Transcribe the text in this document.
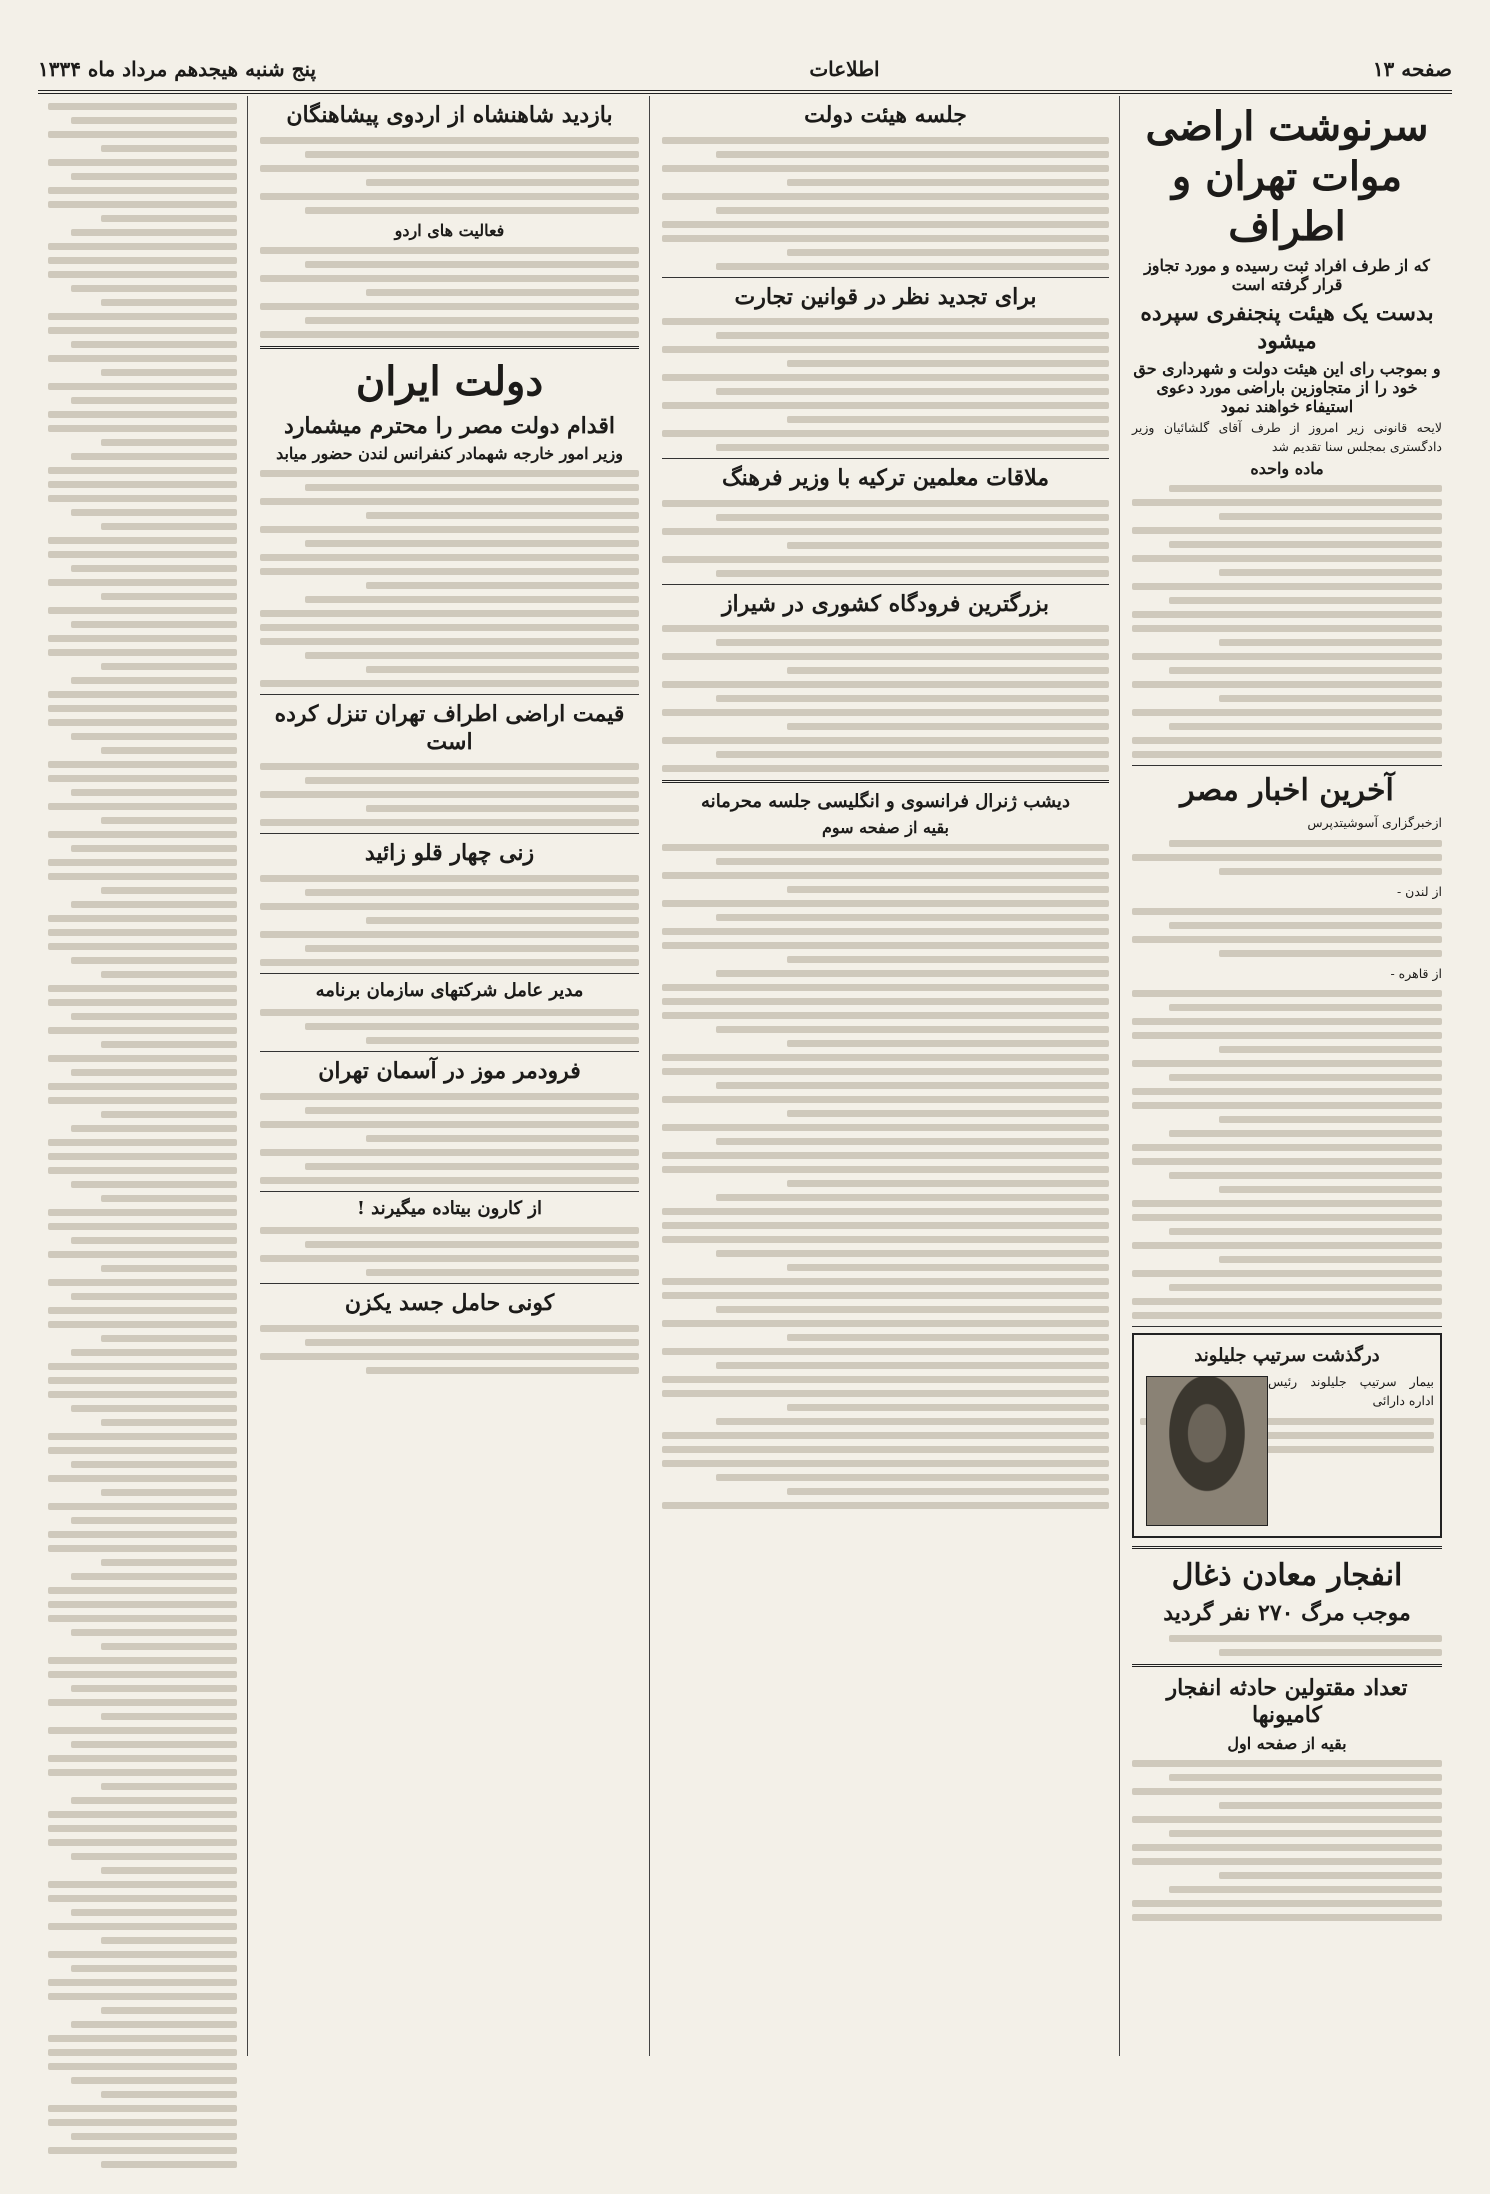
صفحه ۱۳
اطلاعات
پنج شنبه هیجدهم مرداد ماه ۱۳۳۴
سرنوشت اراضی موات تهران و اطراف
که از طرف افراد ثبت رسیده و مورد تجاوز قرار گرفته است
بدست یک هیئت پنجنفری سپرده میشود
و بموجب رای این هیئت دولت و شهرداری حق خود را از متجاوزین باراضی مورد دعوی استیفاء خواهند نمود
لایحه قانونی زیر امروز از طرف آقای گلشائیان وزیر دادگستری بمجلس سنا تقدیم شد
ماده واحده
آخرین اخبار مصر
ازخبرگزاری آسوشیتدپرس
از لندن -
از قاهره -
درگذشت سرتیپ جلیلوند
بیمار سرتیپ جلیلوند رئیس اداره دارائی
انفجار معادن ذغال
موجب مرگ ۲۷۰ نفر گردید
تعداد مقتولین حادثه انفجار کامیونها
بقیه از صفحه اول
جلسه هیئت دولت
برای تجدید نظر در قوانین تجارت
ملاقات معلمین ترکیه با وزیر فرهنگ
بزرگترین فرودگاه کشوری در شیراز
دیشب ژنرال فرانسوی و انگلیسی جلسه محرمانه
بقیه از صفحه سوم
بازدید شاهنشاه از اردوی پیشاهنگان
فعالیت های اردو
دولت ایران
اقدام دولت مصر را محترم میشمارد
وزیر امور خارجه شهمادر کنفرانس لندن حضور میابد
قیمت اراضی اطراف تهران تنزل کرده است
زنی چهار قلو زائید
مدیر عامل شرکتهای سازمان برنامه
فرودمر موز در آسمان تهران
از کارون بیتاده میگیرند !
کونی حامل جسد یکزن
متن ستون
